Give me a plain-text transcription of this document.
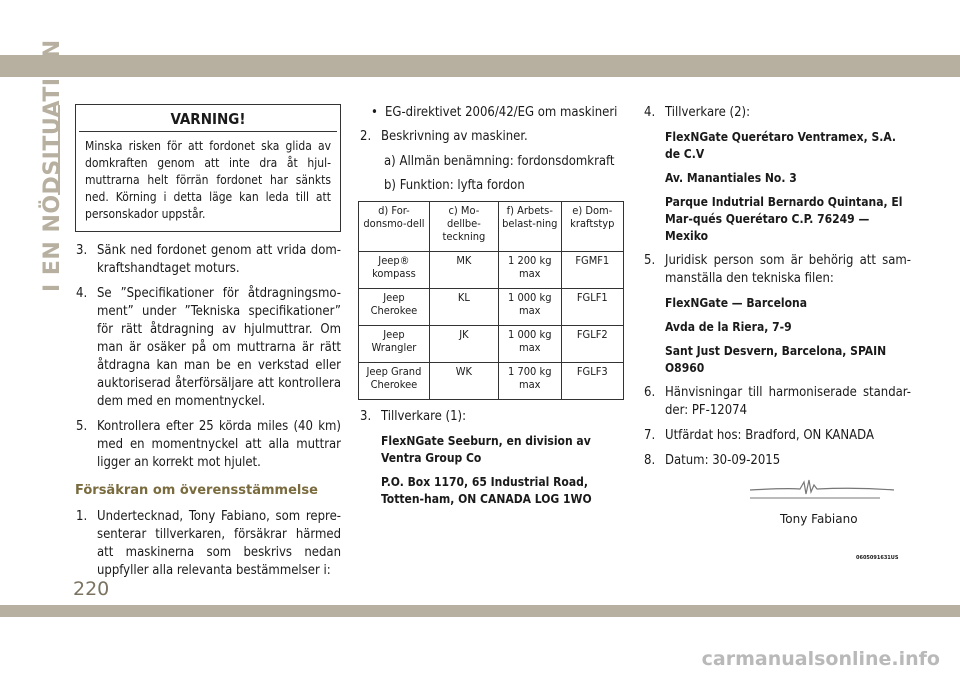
I EN NÖDSITUATION	VARNING!
Minska risken för att fordonet ska glida av domkraften genom att inte dra åt hjul-muttrarna helt förrän fordonet har sänkts ned. Körning i detta läge kan leda till att personskador uppstår.
3. Sänk ned fordonet genom att vrida dom-kraftshandtaget moturs.
4. Se ”Specifikationer för åtdragningsmo-ment” under ”Tekniska specifikationer” för rätt åtdragning av hjulmuttrar. Om man är osäker på om muttrarna är rätt åtdragna kan man be en verkstad eller auktoriserad återförsäljare att kontrollera dem med en momentnyckel.
5. Kontrollera efter 25 körda miles (40 km) med en momentnyckel att alla muttrar ligger an korrekt mot hjulet.
Försäkran om överensstämmelse
1. Undertecknad, Tony Fabiano, som repre-senterar tillverkaren, försäkrar härmed att maskinerna som beskrivs nedan uppfyller alla relevanta bestämmelser i:
• EG-direktivet 2006/42/EG om maskineri
2. Beskrivning av maskiner.
a) Allmän benämning: fordonsdomkraft
b) Funktion: lyfta fordon
d) For-donsmo-dell	c) Mo-dellbe-teckning	f) Arbets-belast-ning	e) Dom-kraftstyp
Jeep® kompass	MK	1 200 kg max	FGMF1
Jeep Cherokee	KL	1 000 kg max	FGLF1
Jeep Wrangler	JK	1 000 kg max	FGLF2
Jeep Grand Cherokee	WK	1 700 kg max	FGLF3
3. Tillverkare (1):
FlexNGate Seeburn, en division av Ventra Group Co
P.O. Box 1170, 65 Industrial Road, Totten-ham, ON CANADA LOG 1WO
4. Tillverkare (2):
FlexNGate Querétaro Ventramex, S.A. de C.V
Av. Manantiales No. 3
Parque Indutrial Bernardo Quintana, El Mar-qués Querétaro C.P. 76249 — Mexiko
5. Juridisk person som är behörig att sam-manställa den tekniska filen:
FlexNGate — Barcelona
Avda de la Riera, 7-9
Sant Just Desvern, Barcelona, SPAIN O8960
6. Hänvisningar till harmoniserade standar-der: PF-12074
7. Utfärdat hos: Bradford, ON KANADA
8. Datum: 30-09-2015
Tony Fabiano
0605091631US
220
carmanualsonline.info
